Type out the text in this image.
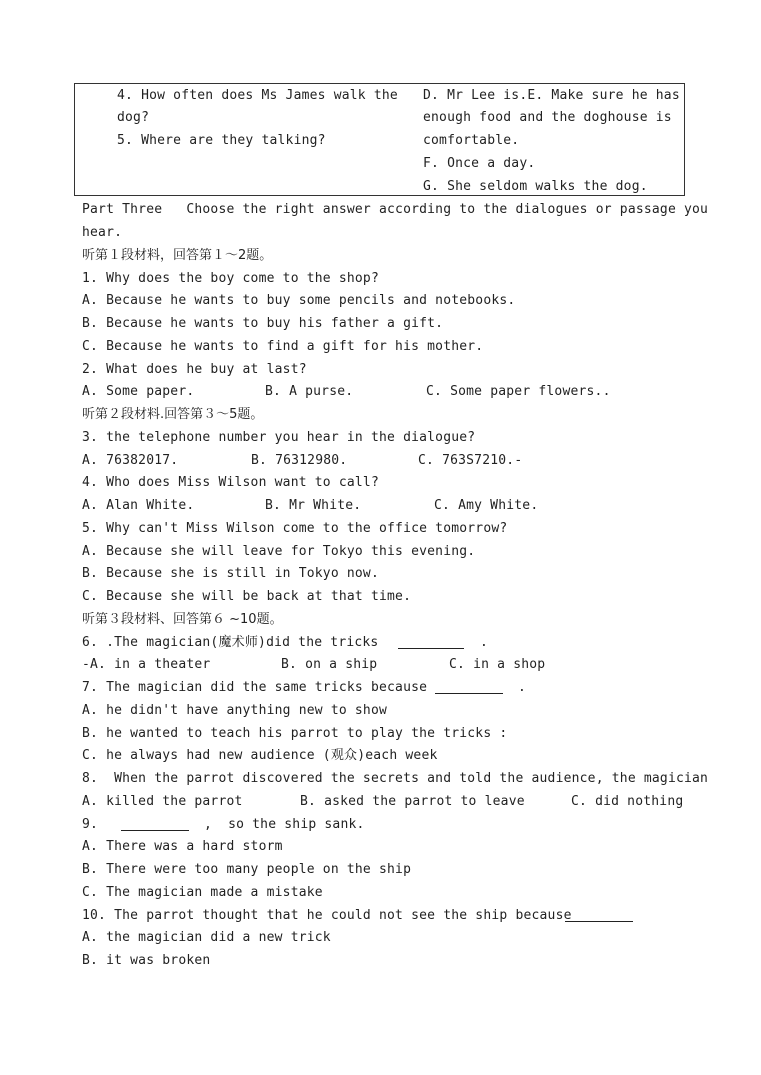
4. How often does Ms James walk the
dog?
5. Where are they talking?
D. Mr Lee is.E. Make sure he has
enough food and the doghouse is
comfortable.
F. Once a day.
G. She seldom walks the dog.
Part Three   Choose the right answer according to the dialogues or passage you
hear.
听第１段材料，回答第１～2题。
1. Why does the boy come to the shop?
A. Because he wants to buy some pencils and notebooks.
B. Because he wants to buy his father a gift.
C. Because he wants to find a gift for his mother.
2. What does he buy at last?
A. Some paper.	B. A purse.	C. Some paper flowers..
听第２段材料.回答第３～5题。
3. the telephone number you hear in the dialogue?
A. 76382017.	B. 76312980.	C. 763S7210.-
4. Who does Miss Wilson want to call?
A. Alan White.	B. Mr White.	C. Amy White.
5. Why can't Miss Wilson come to the office tomorrow?
A. Because she will leave for Tokyo this evening.
B. Because she is still in Tokyo now.
C. Because she will be back at that time.
听第３段材料、回答第６ ~10题。
6. .The magician(魔术师)did the tricks	.
-A. in a theater	B. on a ship	C. in a shop
7. The magician did the same tricks because	.
A. he didn't have anything new to show
B. he wanted to teach his parrot to play the tricks :
C. he always had new audience (观众)each week
8.  When the parrot discovered the secrets and told the audience, the magician
A. killed the parrot	B. asked the parrot to leave	C. did nothing
9.	,  so the ship sank.
A. There was a hard storm
B. There were too many people on the ship
C. The magician made a mistake
10. The parrot thought that he could not see the ship because
A. the magician did a new trick
B. it was broken
